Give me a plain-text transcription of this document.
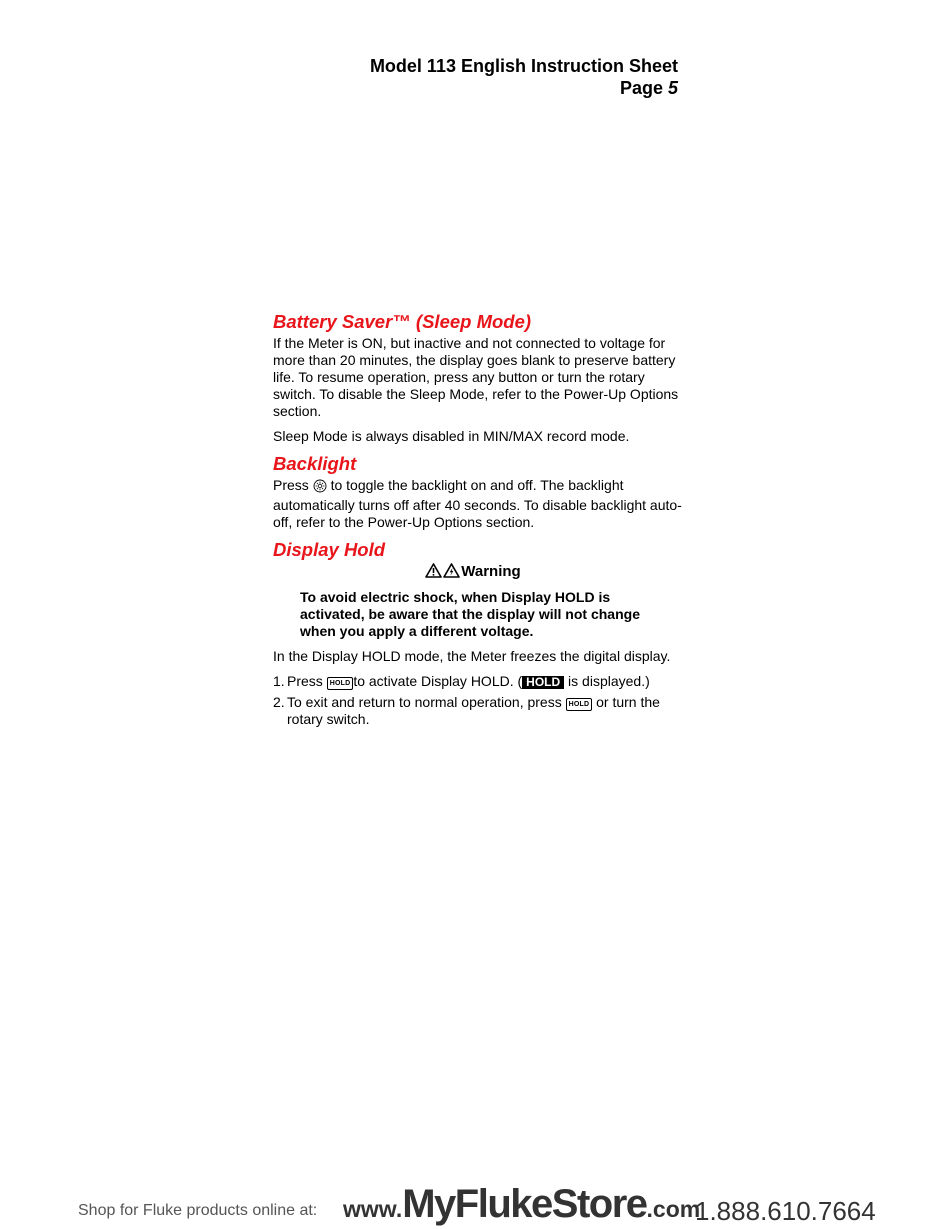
Model 113 English Instruction Sheet
Page 5
Battery Saver™ (Sleep Mode)

If the Meter is ON, but inactive and not connected to voltage for more than 20 minutes, the display goes blank to preserve battery life. To resume operation, press any button or turn the rotary switch. To disable the Sleep Mode, refer to the Power-Up Options section.

Sleep Mode is always disabled in MIN/MAX record mode.

Backlight

Press to toggle the backlight on and off. The backlight automatically turns off after 40 seconds. To disable backlight auto-off, refer to the Power-Up Options section.

Display Hold
Warning
To avoid electric shock, when Display HOLD is activated, be aware that the display will not change when you apply a different voltage.

In the Display HOLD mode, the Meter freezes the digital display.

1. Press HOLD to activate Display HOLD. ( HOLD is displayed.)
2. To exit and return to normal operation, press HOLD or turn the rotary switch.
Shop for Fluke products online at:	www.MyFlukeStore.com
1.888.610.7664
